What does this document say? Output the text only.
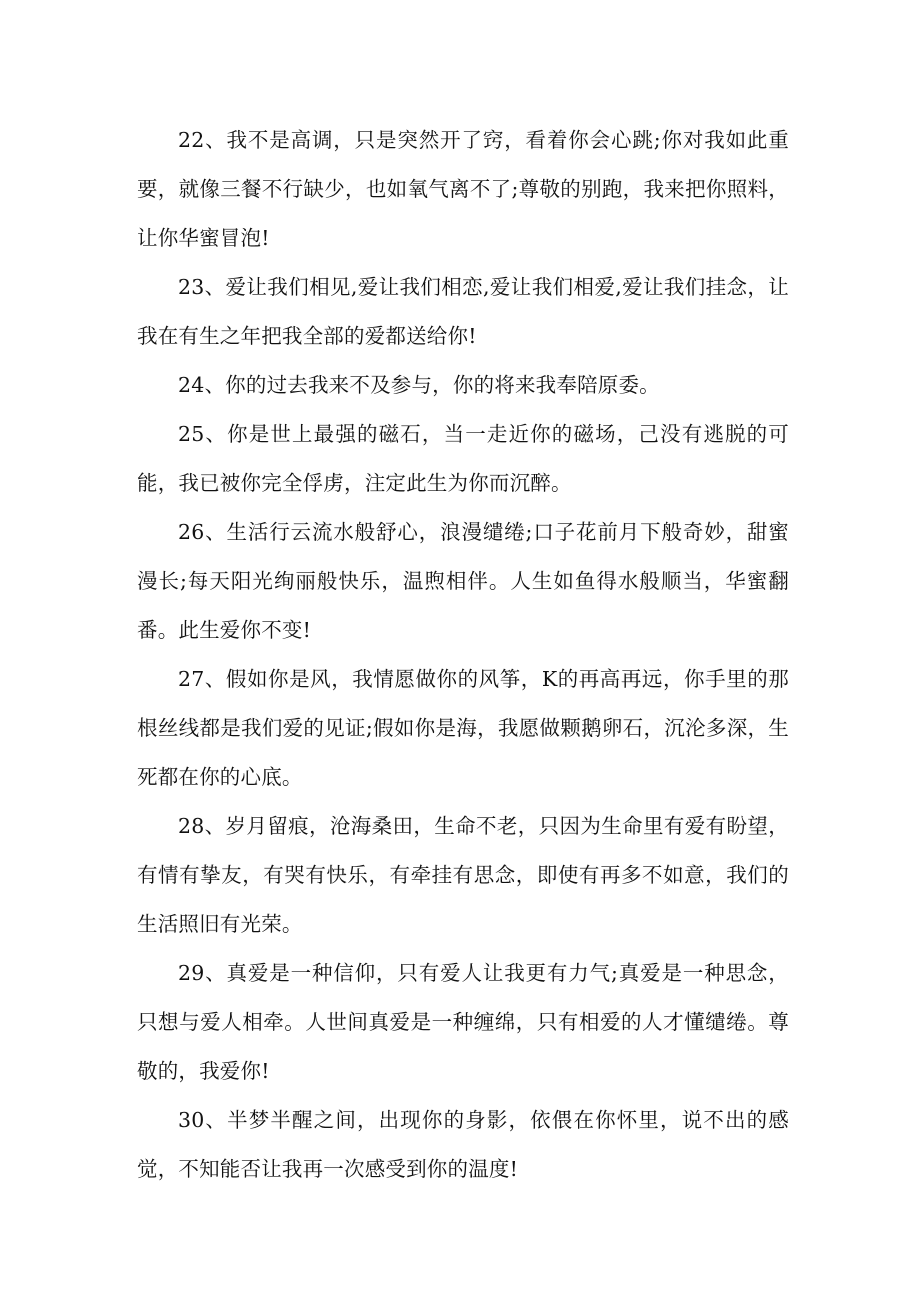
22、我不是高调，只是突然开了窍，看着你会心跳;你对我如此重要，就像三餐不行缺少，也如氧气离不了;尊敬的别跑，我来把你照料，让你华蜜冒泡!

23、爱让我们相见,爱让我们相恋,爱让我们相爱,爱让我们挂念，让我在有生之年把我全部的爱都送给你!

24、你的过去我来不及参与，你的将来我奉陪原委。

25、你是世上最强的磁石，当一走近你的磁场，己没有逃脱的可能，我已被你完全俘虏，注定此生为你而沉醉。

26、生活行云流水般舒心，浪漫缱绻;口子花前月下般奇妙，甜蜜漫长;每天阳光绚丽般快乐，温煦相伴。人生如鱼得水般顺当，华蜜翻番。此生爱你不变!

27、假如你是风，我情愿做你的风筝，K的再高再远，你手里的那根丝线都是我们爱的见证;假如你是海，我愿做颗鹅卵石，沉沦多深，生死都在你的心底。

28、岁月留痕，沧海桑田，生命不老，只因为生命里有爱有盼望，有情有挚友，有哭有快乐，有牵挂有思念，即使有再多不如意，我们的生活照旧有光荣。

29、真爱是一种信仰，只有爱人让我更有力气;真爱是一种思念，只想与爱人相牵。人世间真爱是一种缠绵，只有相爱的人才懂缱绻。尊敬的，我爱你!

30、半梦半醒之间，出现你的身影，依偎在你怀里，说不出的感觉，不知能否让我再一次感受到你的温度!
